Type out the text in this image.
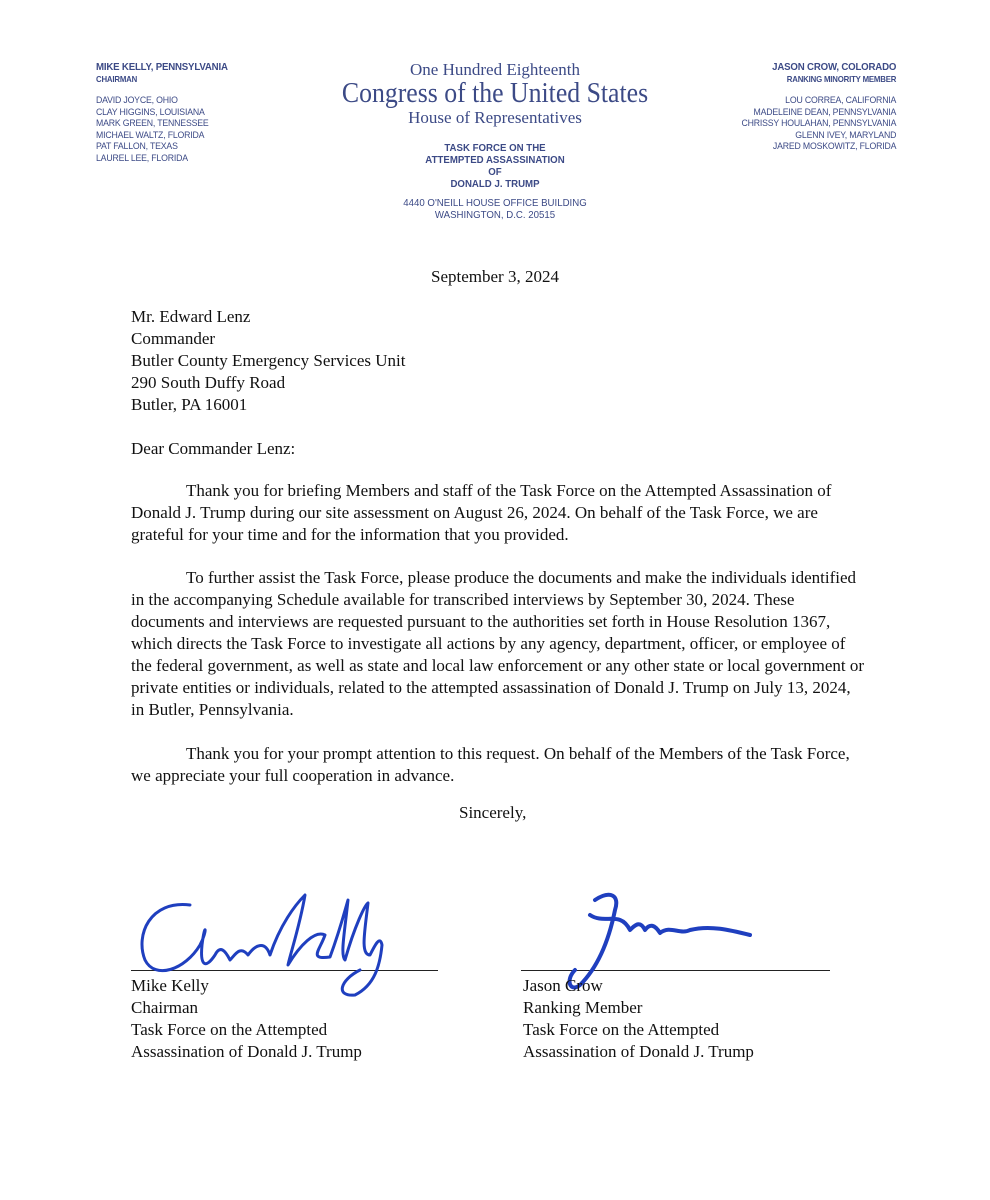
MIKE KELLY, PENNSYLVANIA
CHAIRMAN
DAVID JOYCE, OHIO
CLAY HIGGINS, LOUISIANA
MARK GREEN, TENNESSEE
MICHAEL WALTZ, FLORIDA
PAT FALLON, TEXAS
LAUREL LEE, FLORIDA
One Hundred Eighteenth
Congress of the United States
House of Representatives
TASK FORCE ON THE
ATTEMPTED ASSASSINATION
OF
DONALD J. TRUMP
4440 O'NEILL HOUSE OFFICE BUILDING
WASHINGTON, D.C. 20515
JASON CROW, COLORADO
RANKING MINORITY MEMBER
LOU CORREA, CALIFORNIA
MADELEINE DEAN, PENNSYLVANIA
CHRISSY HOULAHAN, PENNSYLVANIA
GLENN IVEY, MARYLAND
JARED MOSKOWITZ, FLORIDA
September 3, 2024
Mr. Edward Lenz
Commander
Butler County Emergency Services Unit
290 South Duffy Road
Butler, PA 16001
Dear Commander Lenz:
Thank you for briefing Members and staff of the Task Force on the Attempted Assassination of Donald J. Trump during our site assessment on August 26, 2024. On behalf of the Task Force, we are grateful for your time and for the information that you provided.
To further assist the Task Force, please produce the documents and make the individuals identified in the accompanying Schedule available for transcribed interviews by September 30, 2024. These documents and interviews are requested pursuant to the authorities set forth in House Resolution 1367, which directs the Task Force to investigate all actions by any agency, department, officer, or employee of the federal government, as well as state and local law enforcement or any other state or local government or private entities or individuals, related to the attempted assassination of Donald J. Trump on July 13, 2024, in Butler, Pennsylvania.
Thank you for your prompt attention to this request. On behalf of the Members of the Task Force, we appreciate your full cooperation in advance.
Sincerely,
Mike Kelly
Chairman
Task Force on the Attempted
Assassination of Donald J. Trump
Jason Crow
Ranking Member
Task Force on the Attempted
Assassination of Donald J. Trump
